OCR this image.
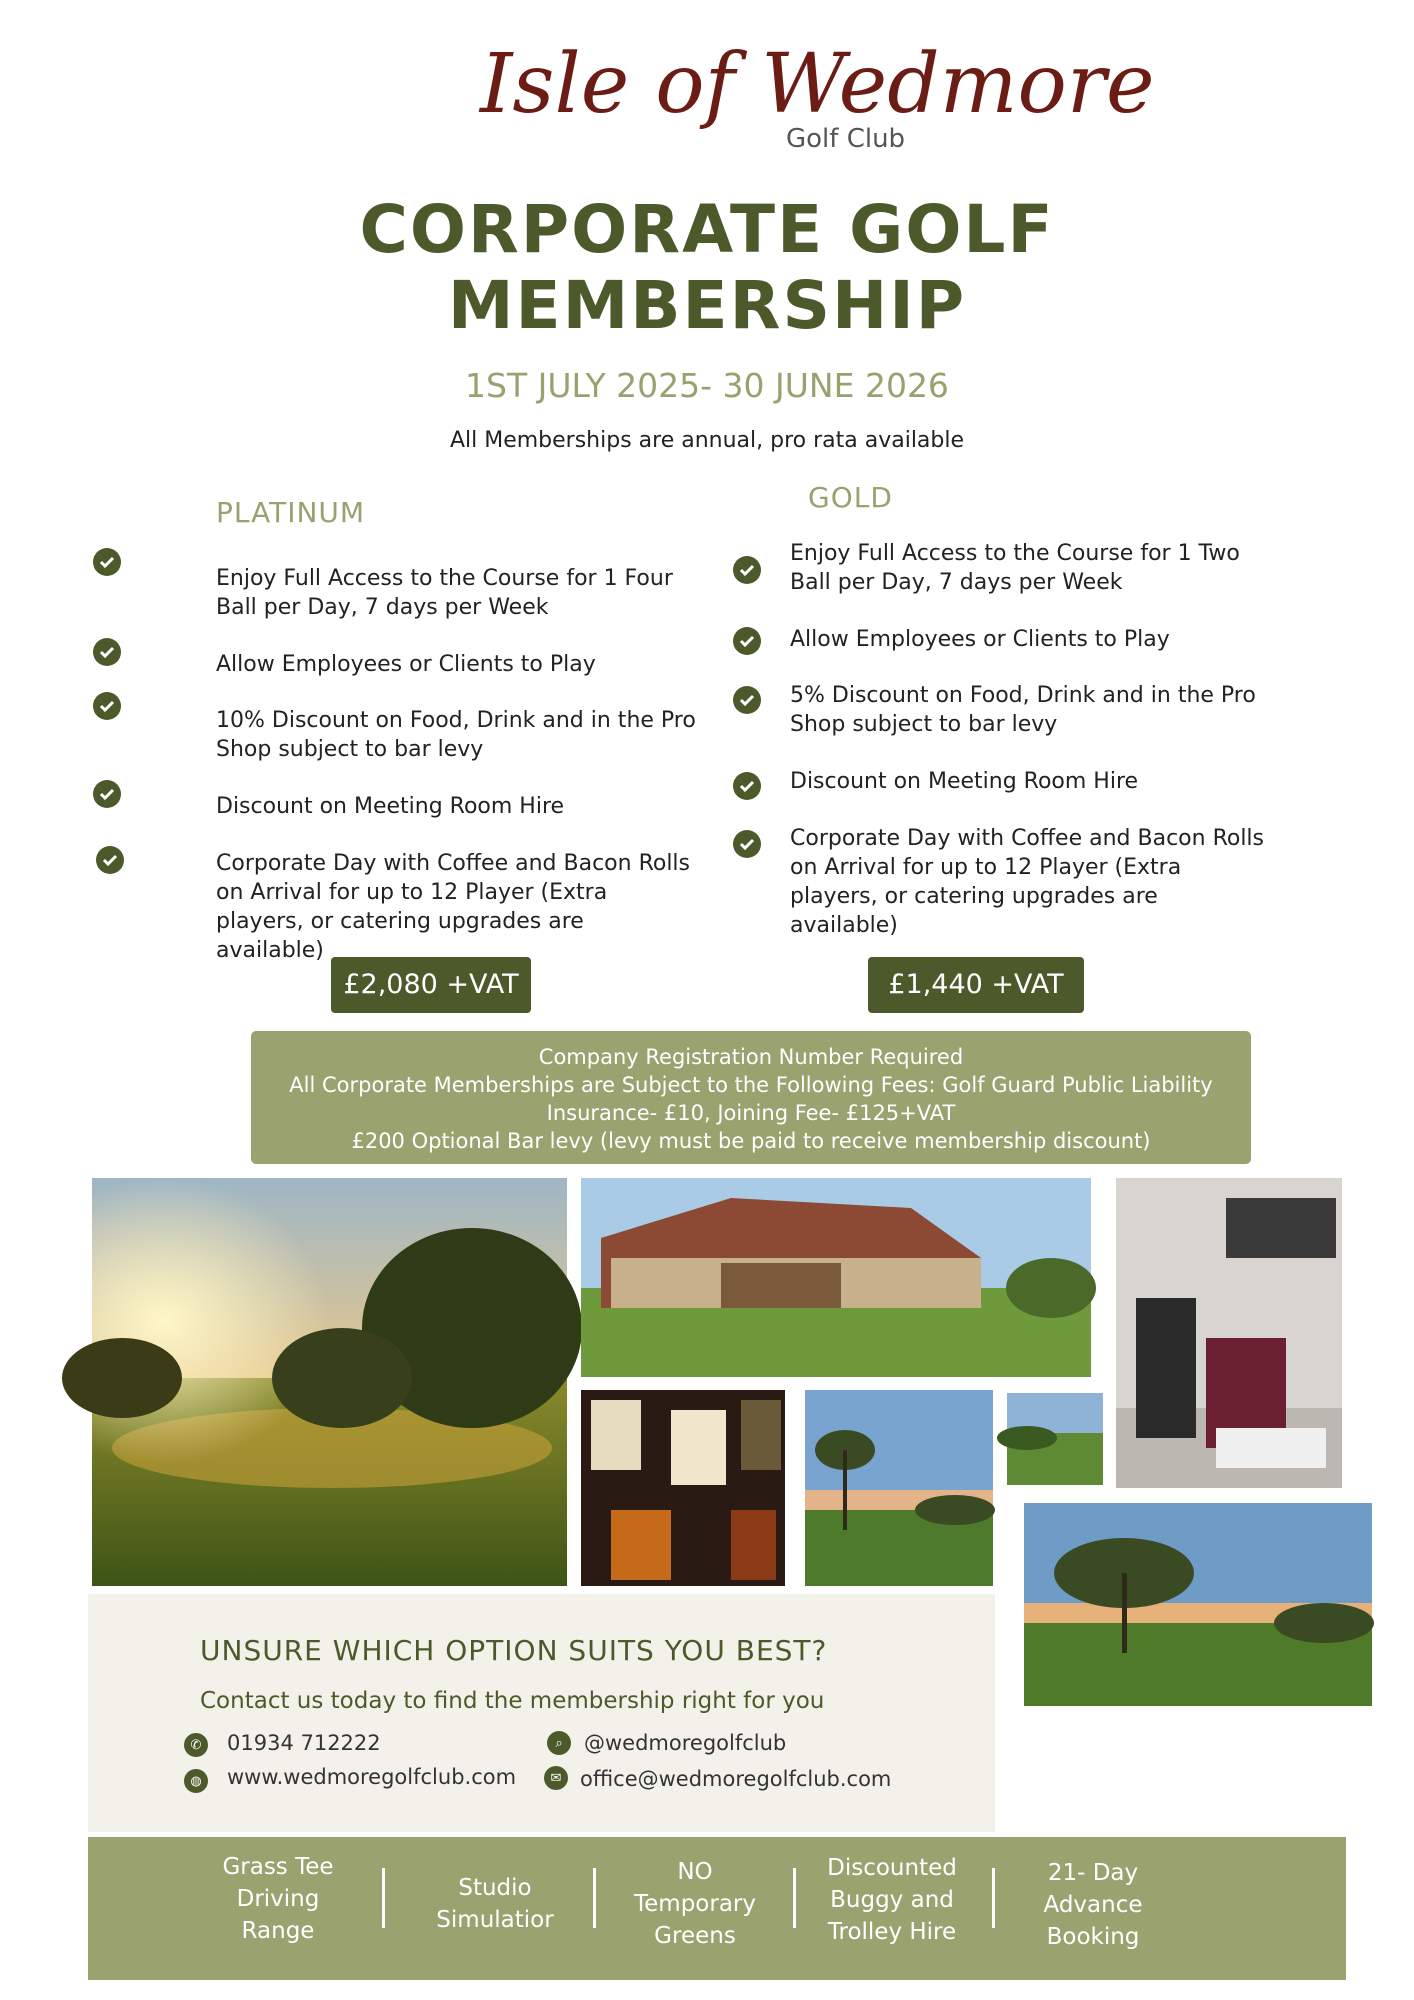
Isle of Wedmore
Golf Club
CORPORATE GOLF
MEMBERSHIP
1ST JULY 2025- 30 JUNE 2026
All Memberships are annual, pro rata available
PLATINUM
Enjoy Full Access to the Course for 1 Four Ball per Day, 7 days per Week
Allow Employees or Clients to Play
10% Discount on Food, Drink and in the Pro Shop subject to bar levy
Discount on Meeting Room Hire
Corporate Day with Coffee and Bacon Rolls on Arrival for up to 12 Player (Extra players, or catering upgrades are available)
£2,080 +VAT
GOLD
Enjoy Full Access to the Course for 1 Two Ball per Day, 7 days per Week
Allow Employees or Clients to Play
5% Discount on Food, Drink and in the Pro Shop subject to bar levy
Discount on Meeting Room Hire
Corporate Day with Coffee and Bacon Rolls on Arrival for up to 12 Player (Extra players, or catering upgrades are available)
£1,440 +VAT
Company Registration Number Required
All Corporate Memberships are Subject to the Following Fees: Golf Guard Public Liability
Insurance- £10, Joining Fee- £125+VAT
£200 Optional Bar levy (levy must be paid to receive membership discount)
UNSURE WHICH OPTION SUITS YOU BEST?
Contact us today to find the membership right for you
✆	01934 712222
◍	www.wedmoregolfclub.com
⌕	@wedmoregolfclub
✉ office@wedmoregolfclub.com
Grass Tee
Driving
Range
Studio
Simulatior
NO
Temporary
Greens
Discounted
Buggy and
Trolley Hire
21- Day
Advance
Booking
